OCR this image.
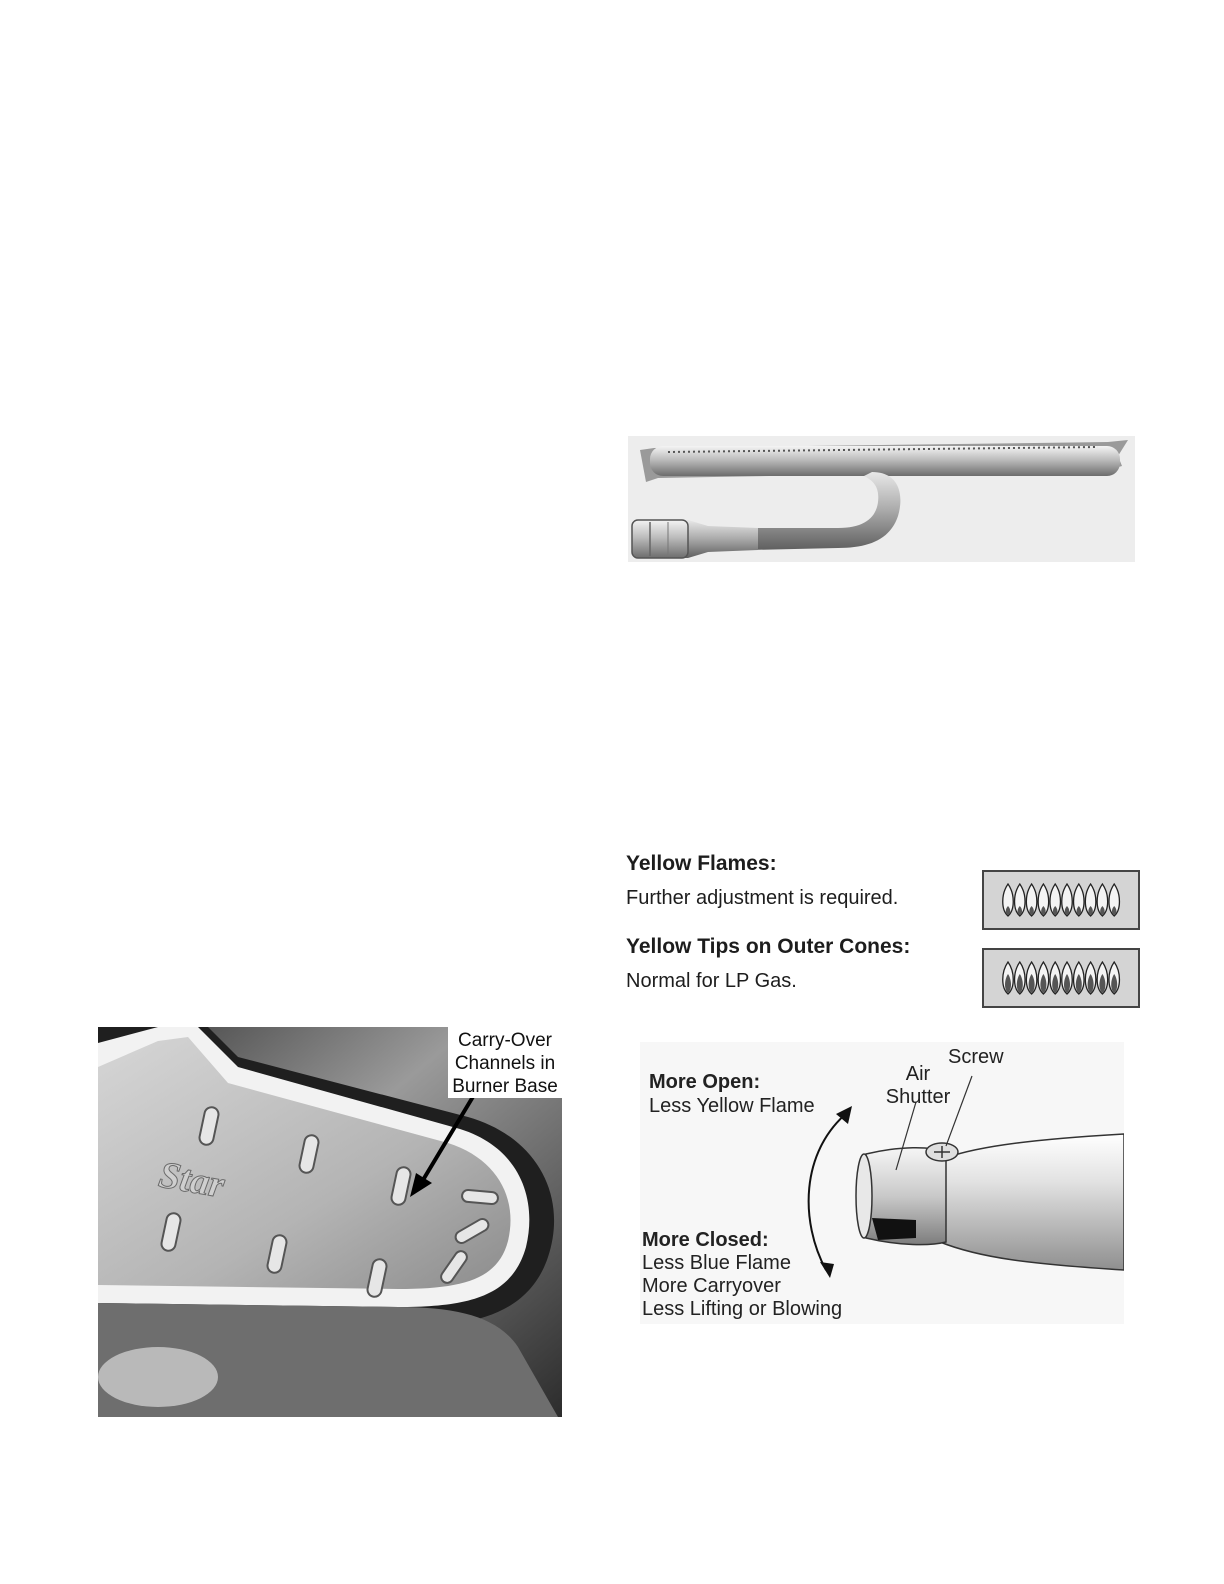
Star
Carry-Over
Channels in
Burner Base
Yellow Flames:
Further adjustment is required.
Yellow Tips on Outer Cones:
Normal for LP Gas.
More Open:
Less Yellow Flame
More Closed:
Less Blue Flame
More Carryover
Less Lifting or Blowing
Air
Shutter
Screw
